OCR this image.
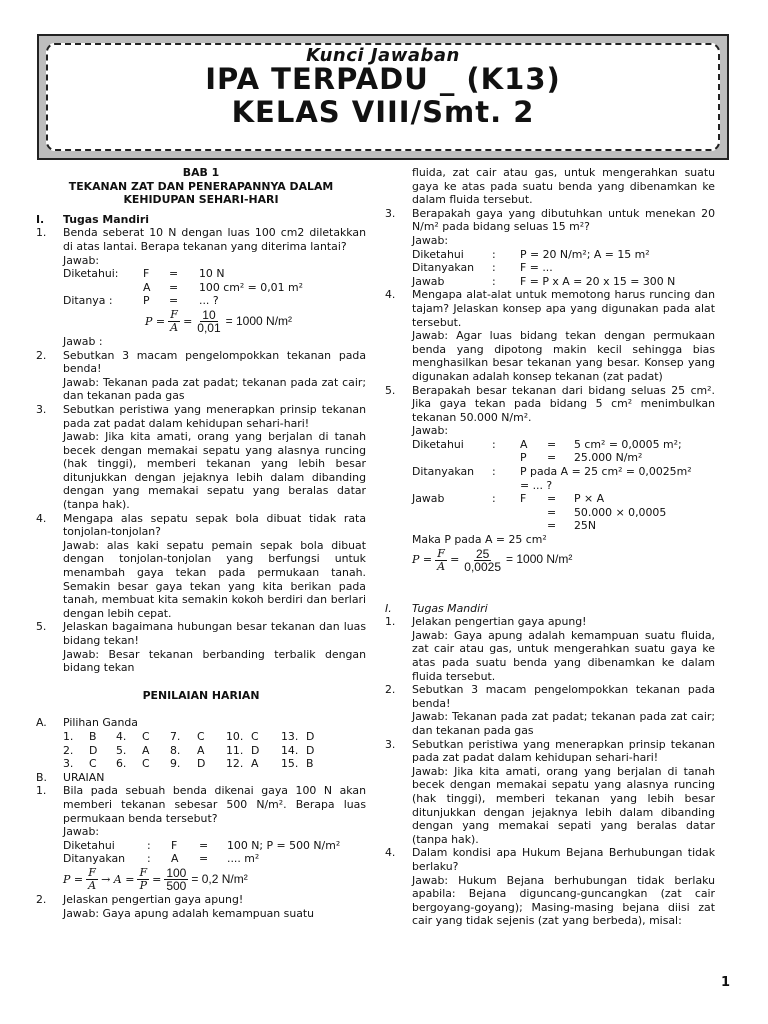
Kunci Jawaban
IPA TERPADU _ (K13)
KELAS VIII/Smt. 2

BAB 1

TEKANAN ZAT DAN PENERAPANNYA DALAM

KEHIDUPAN SEHARI-HARI

I.	Tugas Mandiri
1.	Benda seberat 10 N dengan luas 100 cm2 diletakkan di atas lantai. Berapa tekanan yang diterima lantai?

Jawab:

Diketahui:	F	=	10 N
	A	=	100 cm² = 0,01 m²
Ditanya :	P	=	... ?
$P = \frac{F}{A} = \frac{10}{0,01} = 1000$ N/m²

Jawab :

2.	Sebutkan 3 macam pengelompokkan tekanan pada benda!

Jawab: Tekanan pada zat padat; tekanan pada zat cair; dan tekanan pada gas

3.	Sebutkan peristiwa yang menerapkan prinsip tekanan pada zat padat dalam kehidupan sehari-hari!

Jawab: Jika kita amati, orang yang berjalan di tanah becek dengan memakai sepatu yang alasnya runcing (hak tinggi), memberi tekanan yang lebih besar ditunjukkan dengan jejaknya lebih dalam dibanding dengan yang memakai sepatu yang beralas datar (tanpa hak).

4.	Mengapa alas sepatu sepak bola dibuat tidak rata tonjolan-tonjolan?

Jawab: alas kaki sepatu pemain sepak bola dibuat dengan tonjolan-tonjolan yang berfungsi untuk menambah gaya tekan pada permukaan tanah. Semakin besar gaya tekan yang kita berikan pada tanah, membuat kita semakin kokoh berdiri dan berlari dengan lebih cepat.

5.	Jelaskan bagaimana hubungan besar tekanan dan luas bidang tekan!

Jawab: Besar tekanan berbanding terbalik dengan bidang tekan

PENILAIAN HARIAN

A.	Pilihan Ganda
1.	B	4.	C	7.	C	10.	C	13.	D
2.	D	5.	A	8.	A	11.	D	14.	D
3.	C	6.	C	9.	D	12.	A	15.	B
B.	URAIAN
1.	Bila pada sebuah benda dikenai gaya 100 N akan memberi tekanan sebesar 500 N/m². Berapa luas permukaan benda tersebut?

Jawab:

Diketahui	:	F	=	100 N; P = 500 N/m²
Ditanyakan	:	A	=	.... m²
$P = \frac{F}{A}$ →
$A = \frac{F}{P} = \frac{100}{500} = 0,2$ N/m²
2.	Jelaskan pengertian gaya apung!

Jawab: Gaya apung adalah kemampuan suatu

fluida, zat cair atau gas, untuk mengerahkan suatu gaya ke atas pada suatu benda yang dibenamkan ke dalam fluida tersebut.

3.	Berapakah gaya yang dibutuhkan untuk menekan 20 N/m² pada bidang seluas 15 m²?

Jawab:

Diketahui	:	P = 20 N/m²; A = 15 m²
Ditanyakan	:	F = ...
Jawab	:	F = P x A = 20 x 15 = 300 N
4.	Mengapa alat-alat untuk memotong harus runcing dan tajam? Jelaskan konsep apa yang digunakan pada alat tersebut.

Jawab: Agar luas bidang tekan dengan permukaan benda yang dipotong makin kecil sehingga bias menghasilkan besar tekanan yang besar. Konsep yang digunakan adalah konsep tekanan (zat padat)

5.	Berapakah besar tekanan dari bidang seluas 25 cm². Jika gaya tekan pada bidang 5 cm² menimbulkan tekanan 50.000 N/m².

Jawab:

Diketahui	:	A	=	5 cm² = 0,0005 m²;
		P	=	25.000 N/m²
Ditanyakan	:	P pada A = 25 cm² = 0,0025m²		
		= ... ?		
Jawab	:	F	=	P × A
			=	50.000 × 0,0005
			=	25N

Maka P pada A = 25 cm²

$P = \frac{F}{A} = \frac{25}{0,0025} = 1000$ N/m²
I.	Tugas Mandiri
1.	Jelakan pengertian gaya apung!

Jawab: Gaya apung adalah kemampuan suatu fluida, zat cair atau gas, untuk mengerahkan suatu gaya ke atas pada suatu benda yang dibenamkan ke dalam fluida tersebut.

2.	Sebutkan 3 macam pengelompokkan tekanan pada benda!

Jawab: Tekanan pada zat padat; tekanan pada zat cair; dan tekanan pada gas

3.	Sebutkan peristiwa yang menerapkan prinsip tekanan pada zat padat dalam kehidupan sehari-hari!

Jawab: Jika kita amati, orang yang berjalan di tanah becek dengan memakai sepatu yang alasnya runcing (hak tinggi), memberi tekanan yang lebih besar ditunjukkan dengan jejaknya lebih dalam dibanding dengan yang memakai sepati yang beralas datar (tanpa hak).

4.	Dalam kondisi apa Hukum Bejana Berhubungan tidak berlaku?

Jawab: Hukum Bejana berhubungan tidak berlaku apabila: Bejana diguncang-guncangkan (zat cair bergoyang-goyang); Masing-masing bejana diisi zat cair yang tidak sejenis (zat yang berbeda), misal:

1
